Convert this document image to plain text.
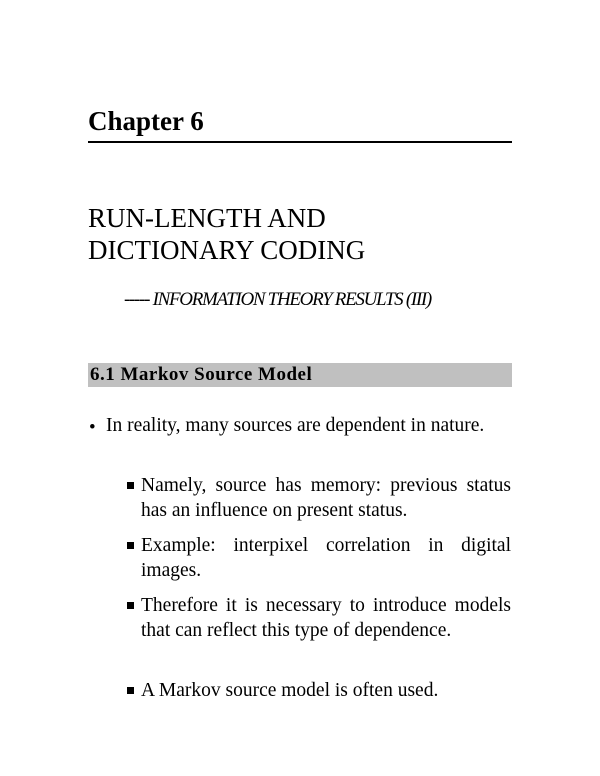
Chapter 6
RUN-LENGTH AND
DICTIONARY CODING
----- INFORMATION THEORY RESULTS (III)
6.1 Markov Source Model
• In reality, many sources are dependent in nature.
Namely, source has memory: previous status has an influence on present status.
Example: interpixel correlation in digital images.
Therefore it is necessary to introduce models that can reflect this type of dependence.
A Markov source model is often used.
